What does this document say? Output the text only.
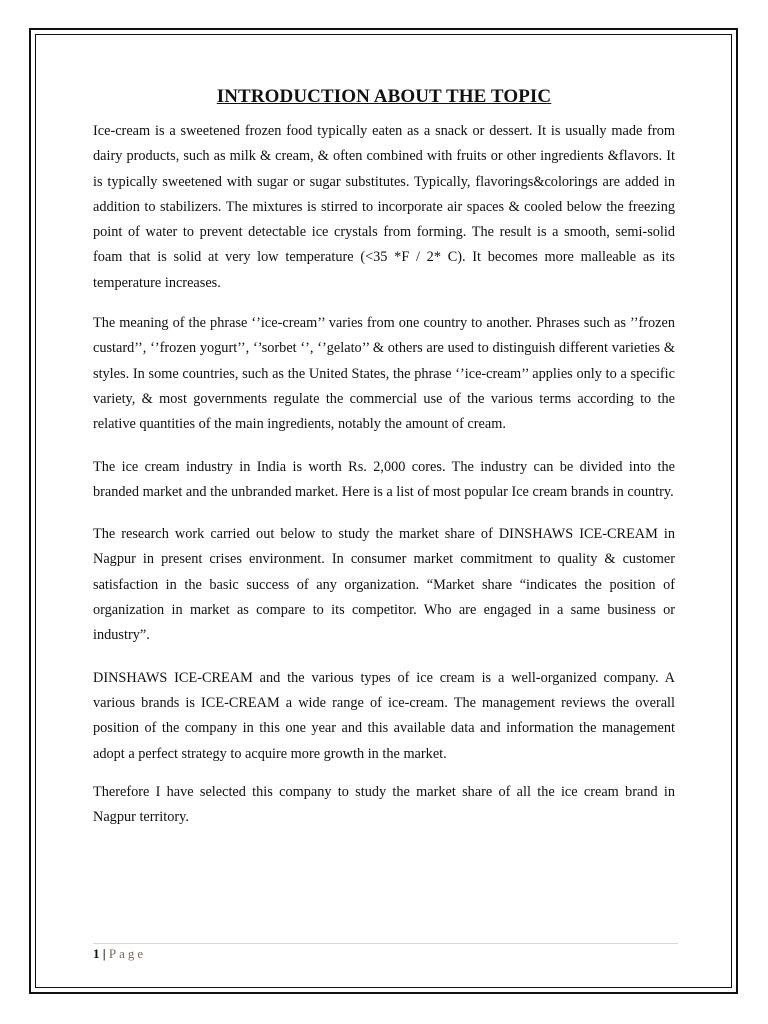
INTRODUCTION ABOUT THE TOPIC

Ice-cream is a sweetened frozen food typically eaten as a snack or dessert. It is usually made from dairy products, such as milk & cream, & often combined with fruits or other ingredients &flavors. It is typically sweetened with sugar or sugar substitutes. Typically, flavorings&colorings are added in addition to stabilizers. The mixtures is stirred to incorporate air spaces & cooled below the freezing point of water to prevent detectable ice crystals from forming. The result is a smooth, semi-solid foam that is solid at very low temperature (<35 *F / 2* C). It becomes more malleable as its temperature increases.

The meaning of the phrase ‘’ice-cream’’ varies from one country to another. Phrases such as ’’frozen custard’’, ‘’frozen yogurt’’, ‘’sorbet ‘’, ‘’gelato’’ & others are used to distinguish different varieties & styles. In some countries, such as the United States, the phrase ‘’ice-cream’’ applies only to a specific variety, & most governments regulate the commercial use of the various terms according to the relative quantities of the main ingredients, notably the amount of cream.

The ice cream industry in India is worth Rs. 2,000 cores. The industry can be divided into the branded market and the unbranded market. Here is a list of most popular Ice cream brands in country.

The research work carried out below to study the market share of DINSHAWS ICE-CREAM in Nagpur in present crises environment. In consumer market commitment to quality & customer satisfaction in the basic success of any organization. “Market share “indicates the position of organization in market as compare to its competitor. Who are engaged in a same business or industry”.

DINSHAWS ICE-CREAM and the various types of ice cream is a well-organized company. A various brands is ICE-CREAM a wide range of ice-cream. The management reviews the overall position of the company in this one year and this available data and information the management adopt a perfect strategy to acquire more growth in the market.

Therefore I have selected this company to study the market share of all the ice cream brand in Nagpur territory.

1 | Page
